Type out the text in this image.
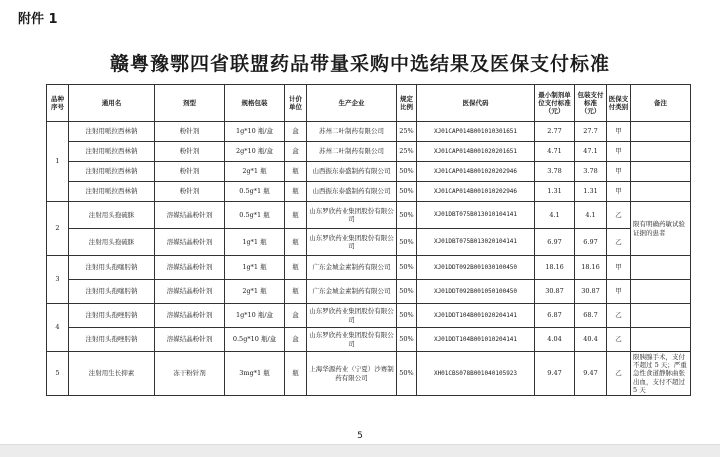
附件 1
赣粤豫鄂四省联盟药品带量采购中选结果及医保支付标准
品种序号	通用名	剂型	规格包装	计价单位	生产企业	规定比例	医保代码	最小制剂单位支付标准（元）	包装支付标准（元）	医保支付类别	备注
1	注射用哌拉西林钠	粉针剂	1g*10 瓶/盒	盒	苏州二叶制药有限公司	25%	XJ01CAP014B001010301651	2.77	27.7	甲	
	注射用哌拉西林钠	粉针剂	2g*10 瓶/盒	盒	苏州二叶制药有限公司	25%	XJ01CAP014B001020201651	4.71	47.1	甲	
	注射用哌拉西林钠	粉针剂	2g*1 瓶	瓶	山西振东泰盛制药有限公司	50%	XJ01CAP014B001020202946	3.78	3.78	甲	
	注射用哌拉西林钠	粉针剂	0.5g*1 瓶	瓶	山西振东泰盛制药有限公司	50%	XJ01CAP014B001010202946	1.31	1.31	甲	
2	注射用头孢硫脒	溶媒结晶粉针剂	0.5g*1 瓶	瓶	山东罗欣药业集团股份有限公司	50%	XJ01DBT075B013010104141	4.1	4.1	乙	限有明确药敏试验证据的患者
	注射用头孢硫脒	溶媒结晶粉针剂	1g*1 瓶	瓶	山东罗欣药业集团股份有限公司	50%	XJ01DBT075B013020104141	6.97	6.97	乙	
3	注射用头孢噻肟钠	溶媒结晶粉针剂	1g*1 瓶	瓶	广东金城金素制药有限公司	50%	XJ01DDT092B001030100450	18.16	18.16	甲	
	注射用头孢噻肟钠	溶媒结晶粉针剂	2g*1 瓶	瓶	广东金城金素制药有限公司	50%	XJ01DDT092B001050100450	30.87	30.87	甲	
4	注射用头孢唑肟钠	溶媒结晶粉针剂	1g*10 瓶/盒	盒	山东罗欣药业集团股份有限公司	50%	XJ01DDT104B001020204141	6.87	68.7	乙	
	注射用头孢唑肟钠	溶媒结晶粉针剂	0.5g*10 瓶/盒	盒	山东罗欣药业集团股份有限公司	50%	XJ01DDT104B001010204141	4.04	40.4	乙	
5	注射用生长抑素	冻干粉针剂	3mg*1 瓶	瓶	上海华源药业（宁夏）沙赛制药有限公司	50%	XH01CBS078B001040105923	9.47	9.47	乙	限胰腺手术，支付不超过 5 天；严重急性食道静脉曲张出血，支付不超过 5 天
5
